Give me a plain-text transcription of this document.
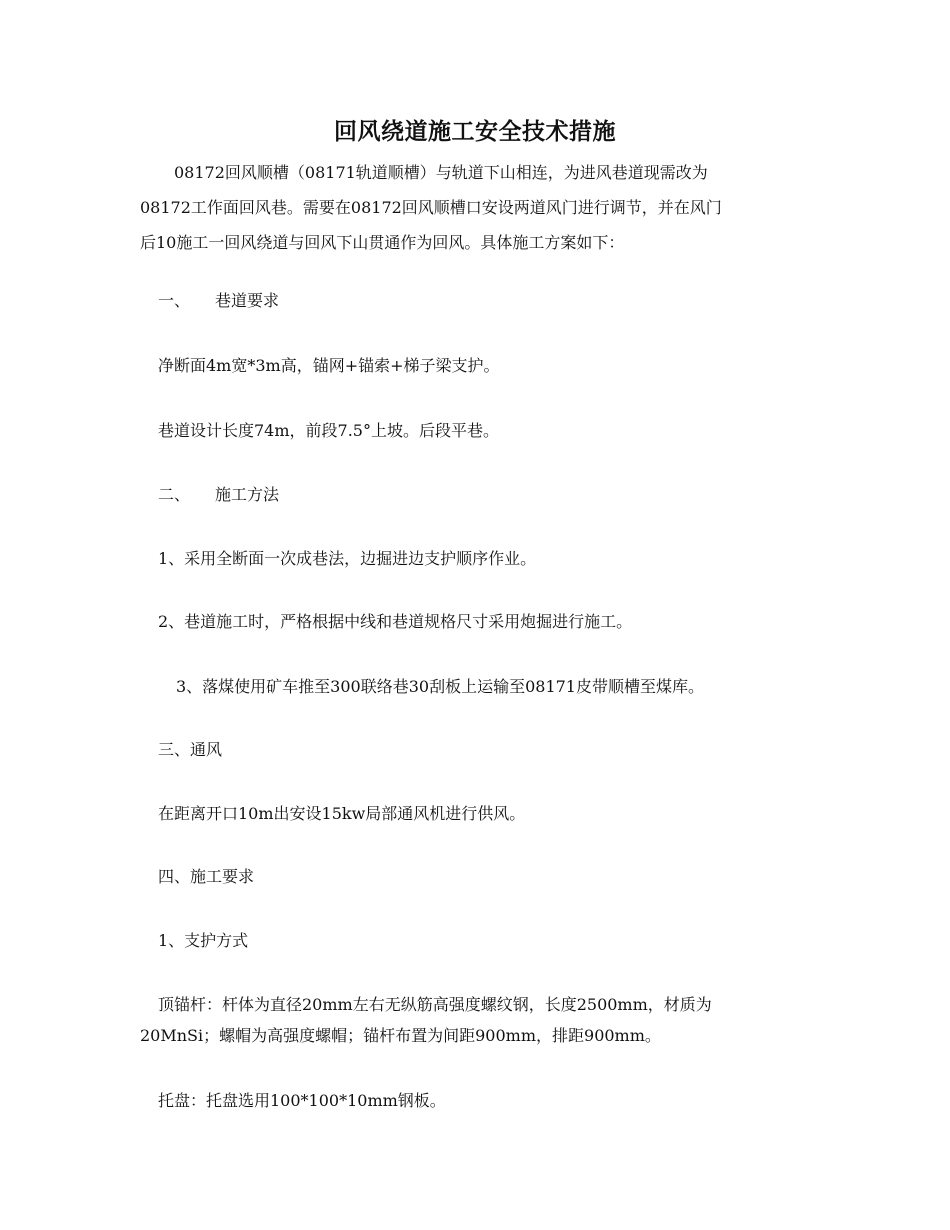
回风绕道施工安全技术措施
08172回风顺槽（08171轨道顺槽）与轨道下山相连，为进风巷道现需改为
08172工作面回风巷。需要在08172回风顺槽口安设两道风门进行调节，并在风门
后10施工一回风绕道与回风下山贯通作为回风。具体施工方案如下：
一、 巷道要求
净断面4m宽*3m高，锚网+锚索+梯子梁支护。
巷道设计长度74m，前段7.5°上坡。后段平巷。
二、 施工方法
1、采用全断面一次成巷法，边掘进边支护顺序作业。
2、巷道施工时，严格根据中线和巷道规格尺寸采用炮掘进行施工。
3、落煤使用矿车推至300联络巷30刮板上运输至08171皮带顺槽至煤库。
三、通风
在距离开口10m出安设15kw局部通风机进行供风。
四、施工要求
1、支护方式
顶锚杆：杆体为直径20mm左右无纵筋高强度螺纹钢，长度2500mm，材质为
20MnSi；螺帽为高强度螺帽；锚杆布置为间距900mm，排距900mm。
托盘：托盘选用100*100*10mm钢板。
